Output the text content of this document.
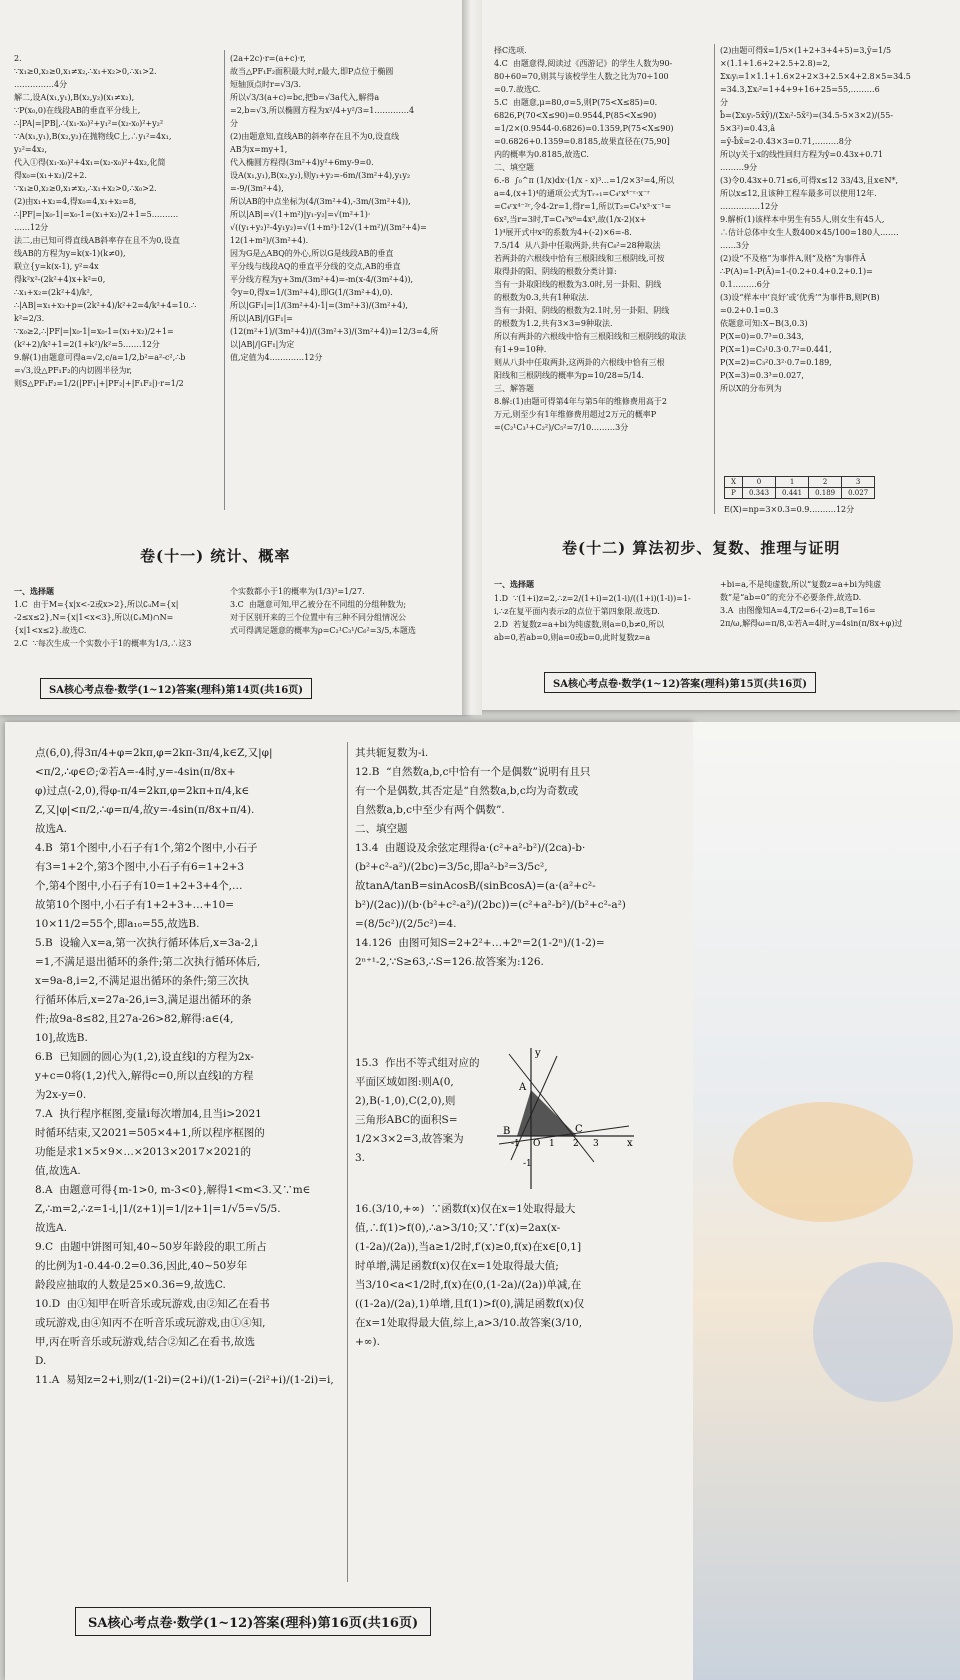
2.
∵x₁≥0,x₂≥0,x₁≠x₂,∴x₁+x₂>0,∴x₁>2.
……………4分
解二,设A(x₁,y₁),B(x₂,y₂)(x₁≠x₂),
∵P(x₀,0)在线段AB的垂直平分线上,
∴|PA|=|PB|,∴(x₁-x₀)²+y₁²=(x₂-x₀)²+y₂²
∵A(x₁,y₁),B(x₂,y₂)在抛物线C上,∴y₁²=4x₁,
y₂²=4x₂,
代入①得(x₁-x₀)²+4x₁=(x₂-x₀)²+4x₂,化简
得x₀=(x₁+x₂)/2+2.
∵x₁≥0,x₂≥0,x₁≠x₂,∴x₁+x₂>0,∴x₀>2.
(2)由x₁+x₂=4,得x₀=4,x₁+x₂=8,
∴|PF|=|x₀-1|=x₀-1=(x₁+x₂)/2+1=5.………
……12分
法二,由已知可得直线AB斜率存在且不为0,设直
线AB的方程为y=k(x-1)(k≠0),
联立{y=k(x-1), y²=4x
得k²x²-(2k²+4)x+k²=0,
∴x₁+x₂=(2k²+4)/k²,
∴|AB|=x₁+x₂+p=(2k²+4)/k²+2=4/k²+4=10.∴
k²=2/3.
∵x₀≥2,∴|PF|=|x₀-1|=x₀-1=(x₁+x₂)/2+1=
(k²+2)/k²+1=2(1+k²)/k²=5.……12分
9.解(1)由题意可得a=√2,c/a=1/2,b²=a²-c²,∴b
=√3,设△PF₁F₂的内切圆半径为r,
则S△PF₁F₂=1/2(|PF₁|+|PF₂|+|F₁F₂|)·r=1/2
(2a+2c)·r=(a+c)·r,
故当△PF₁F₂面积最大时,r最大,即P点位于椭圆
短轴顶点时r=√3/3.
所以√3/3(a+c)=bc,把b=√3a代入,解得a
=2,b=√3,所以椭圆方程为x²/4+y²/3=1.…………4
分
(2)由题意知,直线AB的斜率存在且不为0,设直线
AB为x=my+1,
代入椭圆方程得(3m²+4)y²+6my-9=0.
设A(x₁,y₁),B(x₂,y₂),则y₁+y₂=-6m/(3m²+4),y₁y₂
=-9/(3m²+4),
所以AB的中点坐标为(4/(3m²+4),-3m/(3m²+4)),
所以|AB|=√(1+m²)|y₁-y₂|=√(m²+1)·
√((y₁+y₂)²-4y₁y₂)=√(1+m²)·12√(1+m²)/(3m²+4)=
12(1+m²)/(3m²+4).
因为G是△ABQ的外心,所以G是线段AB的垂直
平分线与线段AQ的垂直平分线的交点,AB的垂直
平分线方程为y+3m/(3m²+4)=-m(x-4/(3m²+4)),
令y=0,得x=1/(3m²+4),即G(1/(3m²+4),0).
所以|GF₁|=|1/(3m²+4)-1|=(3m²+3)/(3m²+4),
所以|AB|/|GF₁|=(12(m²+1)/(3m²+4))/((3m²+3)/(3m²+4))=12/3=4,所以|AB|/|GF₁|为定
值,定值为4.…………12分
卷(十一) 统计、概率
一、选择题
1.C  由于M={x|x<-2或x>2},所以∁ᵤM={x|
-2≤x≤2},N={x|1<x<3},所以(∁ᵤM)∩N=
{x|1<x≤2}.故选C.
2.C  ∵每次生成一个实数小于1的概率为1/3,∴这3
个实数都小于1的概率为(1/3)³=1/27.
3.C  由题意可知,甲乙被分在不同组的分组种数为;
对于区别开来的三个位置中有三种不同分组情况公
式可得满足题意的概率为ρ=C₂¹C₃¹/C₆²=3/5,本题选
SA核心考点卷·数学(1~12)答案(理科)第14页(共16页)
择C选项.
4.C  由题意得,阅读过《西游记》的学生人数为90-
80+60=70,则其与该校学生人数之比为70÷100
=0.7.故选C.
5.C  由题意,μ=80,σ=5,则P(75<X≤85)=0.
6826,P(70<X≤90)=0.9544,P(85<X≤90)
=1/2×(0.9544-0.6826)=0.1359,P(75<X≤90)
=0.6826+0.1359=0.8185,故果直径在(75,90]
内的概率为0.8185,故选C.
二、填空题
6.-8  ∫₀^π (1/x)dx·(1/x - x)³…=1/2×3²=4,所以
a=4,(x+1)⁴的通项公式为Tᵣ₊₁=C₄ʳx⁴⁻ʳ·x⁻ʳ
=C₄ʳx⁴⁻²ʳ,令4-2r=1,得r=1,所以T₂=C₄¹x³·x⁻¹=
6x²,当r=3时,T=C₄³x⁰=4x³,故(1/x-2)(x+
1)⁴展开式中x²的系数为4+(-2)×6=-8.
7.5/14  从八卦中任取两卦,共有C₈²=28种取法
若两卦的六根线中恰有三根阳线和三根阴线,可按
取得卦的阳、阴线的根数分类计算:
当有一卦取阳线的根数为3.0时,另一卦阳、阴线
的根数为0.3,共有1种取法.
当有一卦阳、阴线的根数为2.1时,另一卦阳、阴线
的根数为1.2,共有3×3=9种取法.
所以有两卦的六根线中恰有三根阳线和三根阴线的取法
有1+9=10种.
则从八卦中任取两卦,这两卦的六根线中恰有三根
阳线和三根阴线的概率为p=10/28=5/14.
三、解答题
8.解:(1)由题可得第4年与第5年的维修费用高于2
万元,则至少有1年维修费用超过2万元的概率P
=(C₂¹C₃¹+C₂²)/C₅²=7/10………3分
(2)由题可得x̄=1/5×(1+2+3+4+5)=3,ȳ=1/5
×(1.1+1.6+2+2.5+2.8)=2,
Σxᵢyᵢ=1×1.1+1.6×2+2×3+2.5×4+2.8×5=34.5
=34.3,Σxᵢ²=1+4+9+16+25=55,………6
分
b̂=(Σxᵢyᵢ-5x̄ȳ)/(Σxᵢ²-5x̄²)=(34.5-5×3×2)/(55-5×3²)=0.43,â
=ȳ-b̂x̄=2-0.43×3=0.71,………8分
所以y关于x的线性回归方程为ŷ=0.43x+0.71
………9分
(3)令0.43x+0.71≤6,可得x≤12 33/43,且x∈N*,
所以x≤12,且该种工程车最多可以使用12年.
……………12分
9.解析(1)该样本中男生有55人,则女生有45人,
∴估计总体中女生人数400×45/100=180人.……
……3分
(2)设“不及格”为事件A,则“及格”为事件Ā
∴P(A)=1-P(Ā)=1-(0.2+0.4+0.2+0.1)=
0.1………6分
(3)设“样本中‘良好’或‘优秀’”为事件B,则P(B)
=0.2+0.1=0.3
依题意可知:X~B(3,0.3)
P(X=0)=0.7³=0.343,
P(X=1)=C₃¹0.3·0.7²=0.441,
P(X=2)=C₃²0.3²·0.7=0.189,
P(X=3)=0.3³=0.027,
所以X的分布列为
X	0	1	2	3
P	0.343	0.441	0.189	0.027
E(X)=np=3×0.3=0.9.………12分
卷(十二) 算法初步、复数、推理与证明
一、选择题
1.D  ∵(1+i)z=2,∴z=2/(1+i)=2(1-i)/((1+i)(1-i))=1-
i,∴z在复平面内表示z的点位于第四象限.故选D.
2.D  若复数z=a+bi为纯虚数,则a=0,b≠0,所以
ab=0,若ab=0,则a=0或b=0,此时复数z=a
+bi=a,不是纯虚数,所以“复数z=a+bi为纯虚
数”是“ab=0”的充分不必要条件,故选D.
3.A  由图像知A=4,T/2=6-(-2)=8,T=16=
2π/ω,解得ω=π/8,①若A=4时,y=4sin(π/8x+φ)过
SA核心考点卷·数学(1~12)答案(理科)第15页(共16页)
点(6,0),得3π/4+φ=2kπ,φ=2kπ-3π/4,k∈Z,又|φ|
<π/2,∴φ∈∅;②若A=-4时,y=-4sin(π/8x+
φ)过点(-2,0),得φ-π/4=2kπ,φ=2kπ+π/4,k∈
Z,又|φ|<π/2,∴φ=π/4,故y=-4sin(π/8x+π/4).
故选A.
4.B  第1个图中,小石子有1个,第2个图中,小石子
有3=1+2个,第3个图中,小石子有6=1+2+3
个,第4个图中,小石子有10=1+2+3+4个,…
故第10个图中,小石子有1+2+3+…+10=
10×11/2=55个,即a₁₀=55,故选B.
5.B  设输入x=a,第一次执行循环体后,x=3a-2,i
=1,不满足退出循环的条件;第二次执行循环体后,
x=9a-8,i=2,不满足退出循环的条件;第三次执
行循环体后,x=27a-26,i=3,满足退出循环的条
件;故9a-8≤82,且27a-26>82,解得:a∈(4,
10],故选B.
6.B  已知圆的圆心为(1,2),设直线l的方程为2x-
y+c=0将(1,2)代入,解得c=0,所以直线l的方程
为2x-y=0.
7.A  执行程序框图,变量i每次增加4,且当i>2021
时循环结束,又2021=505×4+1,所以程序框图的
功能是求1×5×9×…×2013×2017×2021的
值,故选A.
8.A  由题意可得{m-1>0, m-3<0},解得1<m<3.又∵m∈
Z,∴m=2,∴z=1-i,|1/(z+1)|=1/|z+1|=1/√5=√5/5.
故选A.
9.C  由题中饼图可知,40~50岁年龄段的职工所占
的比例为1-0.44-0.2=0.36,因此,40~50岁年
龄段应抽取的人数是25×0.36=9,故选C.
10.D  由①知甲在听音乐或玩游戏,由②知乙在看书
或玩游戏,由④知丙不在听音乐或玩游戏,由①④知,
甲,丙在听音乐或玩游戏,结合②知乙在看书,故选
D.
11.A  易知z=2+i,则z/(1-2i)=(2+i)/(1-2i)=(-2i²+i)/(1-2i)=i,
其共轭复数为-i.
12.B  “自然数a,b,c中恰有一个是偶数”说明有且只
有一个是偶数,其否定是“自然数a,b,c均为奇数或
自然数a,b,c中至少有两个偶数”.
二、填空题
13.4  由题设及余弦定理得a·(c²+a²-b²)/(2ca)-b·
(b²+c²-a²)/(2bc)=3/5c,即a²-b²=3/5c²,
故tanA/tanB=sinAcosB/(sinBcosA)=(a·(a²+c²-b²)/(2ac))/(b·(b²+c²-a²)/(2bc))=(c²+a²-b²)/(b²+c²-a²)
=(8/5c²)/(2/5c²)=4.
14.126  由图可知S=2+2²+…+2ⁿ=2(1-2ⁿ)/(1-2)=
2ⁿ⁺¹-2,∵S≥63,∴S=126.故答案为:126.
15.3  作出不等式组对应的
平面区域如图:则A(0,
2),B(-1,0),C(2,0),则
三角形ABC的面积S=
1/2×3×2=3,故答案为
3.
y
A
B	C
O	x
-1	1 2 3
-1
16.(3/10,+∞)  ∵函数f(x)仅在x=1处取得最大
值,∴f(1)>f(0),∴a>3/10;又∵f′(x)=2ax(x-
(1-2a)/(2a)),当a≥1/2时,f′(x)≥0,f(x)在x∈[0,1]
时单增,满足函数f(x)仅在x=1处取得最大值;
当3/10<a<1/2时,f(x)在(0,(1-2a)/(2a))单减,在
((1-2a)/(2a),1)单增,且f(1)>f(0),满足函数f(x)仅
在x=1处取得最大值,综上,a>3/10.故答案(3/10,
+∞).
SA核心考点卷·数学(1~12)答案(理科)第16页(共16页)
